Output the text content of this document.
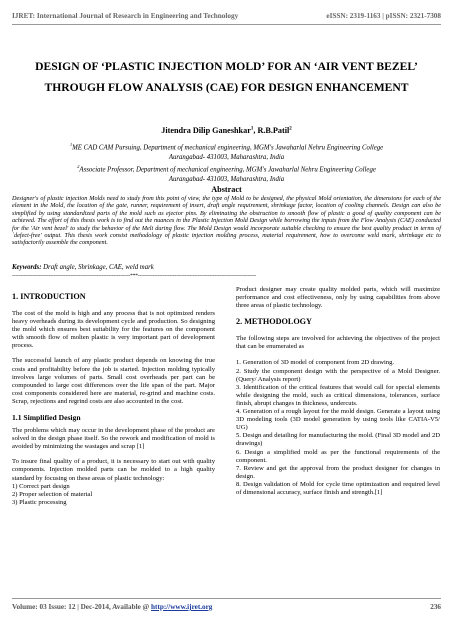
IJRET: International Journal of Research in Engineering and Technology	eISSN: 2319-1163 | pISSN: 2321-7308
DESIGN OF ‘PLASTIC INJECTION MOLD’ FOR AN ‘AIR VENT BEZEL’ THROUGH FLOW ANALYSIS (CAE) FOR DESIGN ENHANCEMENT
Jitendra Dilip Ganeshkar$^1$, R.B.Patil$^2$
$^1$ME CAD CAM Pursuing, Department of mechanical engineering, MGM's Jawaharlal Nehru Engineering College
Aurangabad- 431003, Maharashtra, India
$^2$Associate Professor, Department of mechanical engineering, MGM's Jawaharlal Nehru Engineering College
Aurangabad- 431003, Maharashtra, India
Abstract
Designer's of plastic injection Molds need to study from this point of view, the type of Mold to be designed, the physical Mold orientation, the dimensions for each of the element in the Mold, the location of the gate, runner, requirement of insert, draft angle requirement, shrinkage factor, location of cooling channels. Design can also be simplified by using standardized parts of the mold such as ejector pins. By eliminating the obstruction to smooth flow of plastic a good of quality component can be achieved. The effort of this thesis work is to find out the nuances in the Plastic Injection Mold Design while borrowing the inputs from the Flow Analysis (CAE) conducted for the 'Air vent bezel' to study the behavior of the Melt during flow. The Mold Design would incorporate suitable checking to ensure the best quality product in terms of `defect-free' output. This thesis work consist methodology of plastic injection molding process, material requirement, how to overcome weld mark, shrinkage etc to satisfactorily assemble the component.
Keywords: Draft angle, Shrinkage, CAE, weld mark
-----------------------------------------------------------------------***-----------------------------------------------------------------------
1. INTRODUCTION

The cost of the mold is high and any process that is not optimized renders heavy overheads during its development cycle and production. So designing the mold which ensures best suitability for the features on the component with smooth flow of molten plastic is very important part of development process.

The successful launch of any plastic product depends on knowing the true costs and profitability before the job is started. Injection molding typically involves large volumes of parts. Small cost overheads per part can be compounded to large cost differences over the life span of the part. Major cost components considered here are material, re-grind and machine costs. Scrap, rejections and regrind costs are also accounted in the cost.

1.1 Simplified Design

The problems which may occur in the development phase of the product are solved in the design phase itself. So the rework and modification of mold is avoided by minimizing the wastages and scrap [1]

To insure final quality of a product, it is necessary to start out with quality components. Injection molded parts can be molded to a high quality standard by focusing on these areas of plastic technology:

1) Correct part design
2) Proper selection of material
3) Plastic processing

Product designer may create quality molded parts, which will maximize performance and cost effectiveness, only by using capabilities from above three areas of plastic technology.

2. METHODOLOGY

The following steps are involved for achieving the objectives of the project that can be enumerated as

1. Generation of 3D model of component from 2D drawing.
2. Study the component design with the perspective of a Mold Designer. (Query/ Analysis report)
3. Identification of the critical features that would call for special elements while designing the mold, such as critical dimensions, tolerances, surface finish, abrupt changes in thickness, undercuts.
4. Generation of a rough layout for the mold design. Generate a layout using 3D modeling tools (3D model generation by using tools like CATIA-V5/ UG)
5. Design and detailing for manufacturing the mold. (Final 3D model and 2D drawings)
6. Design a simplified mold as per the functional requirements of the component.
7. Review and get the approval from the product designer for changes in design.
8. Design validation of Mold for cycle time optimization and required level of dimensional accuracy, surface finish and strength.[1]
Volume: 03 Issue: 12 | Dec-2014, Available @ http://www.ijret.org	236
